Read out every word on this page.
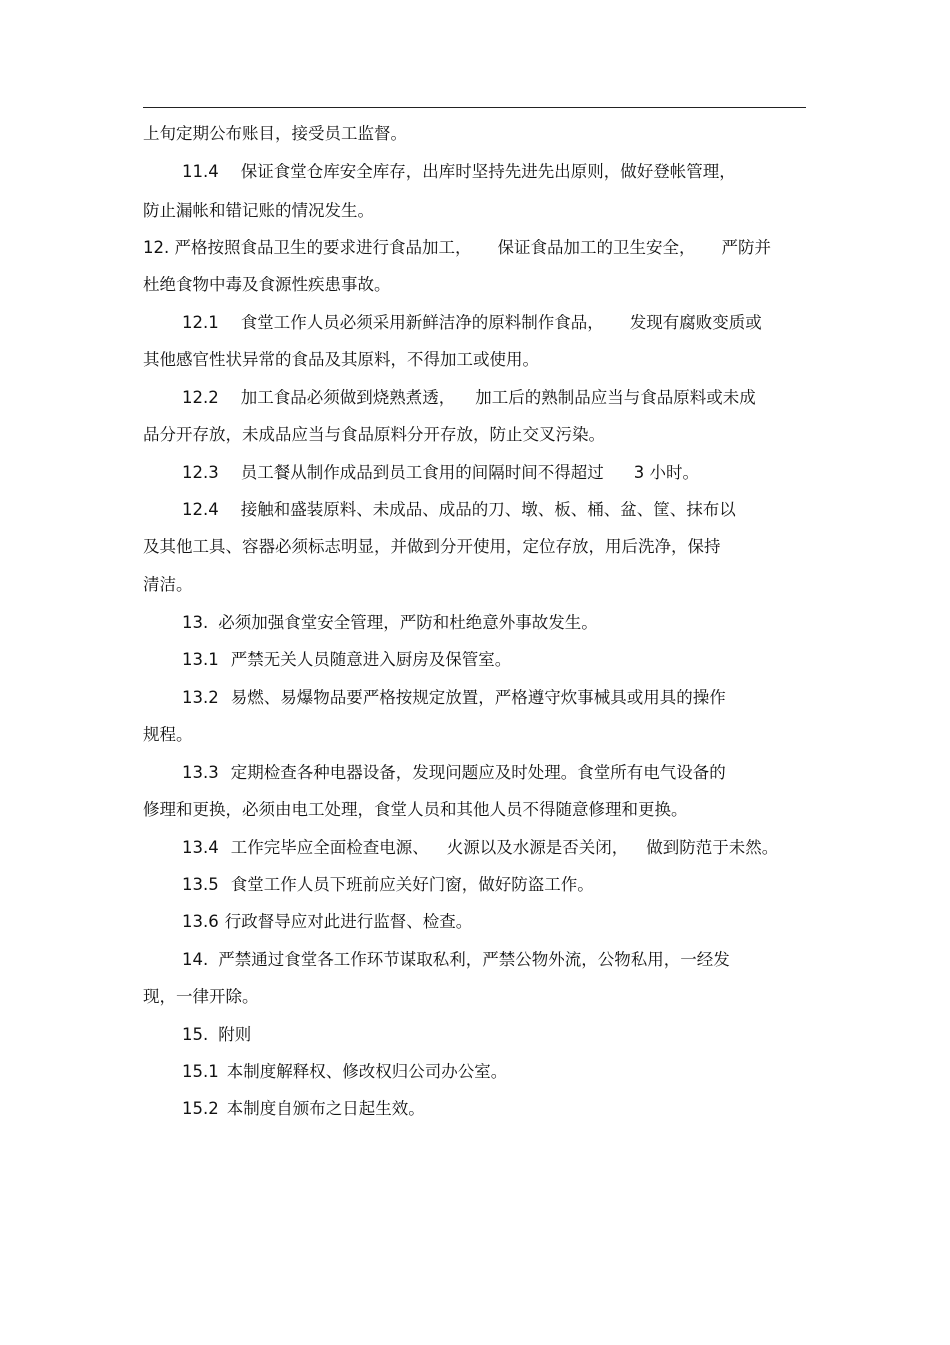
上旬定期公布账目，接受员工监督。
11.4 保证食堂仓库安全库存，出库时坚持先进先出原则，做好登帐管理，
防止漏帐和错记账的情况发生。
12. 严格按照食品卫生的要求进行食品加工， 保证食品加工的卫生安全， 严防并
杜绝食物中毒及食源性疾患事故。
12.1 食堂工作人员必须采用新鲜洁净的原料制作食品， 发现有腐败变质或
其他感官性状异常的食品及其原料，不得加工或使用。
12.2 加工食品必须做到烧熟煮透， 加工后的熟制品应当与食品原料或未成
品分开存放，未成品应当与食品原料分开存放，防止交叉污染。
12.3 员工餐从制作成品到员工食用的间隔时间不得超过 3 小时。
12.4 接触和盛装原料、未成品、成品的刀、墩、板、桶、盆、筐、抹布以
及其他工具、容器必须标志明显，并做到分开使用，定位存放，用后洗净，保持
清洁。
13. 必须加强食堂安全管理，严防和杜绝意外事故发生。
13.1 严禁无关人员随意进入厨房及保管室。
13.2 易燃、易爆物品要严格按规定放置，严格遵守炊事械具或用具的操作
规程。
13.3 定期检查各种电器设备，发现问题应及时处理。食堂所有电气设备的
修理和更换，必须由电工处理，食堂人员和其他人员不得随意修理和更换。
13.4 工作完毕应全面检查电源、 火源以及水源是否关闭， 做到防范于未然。
13.5 食堂工作人员下班前应关好门窗，做好防盗工作。
13.6 行政督导应对此进行监督、检查。
14. 严禁通过食堂各工作环节谋取私利，严禁公物外流，公物私用，一经发
现，一律开除。
15. 附则
15.1 本制度解释权、修改权归公司办公室。
15.2 本制度自颁布之日起生效。
